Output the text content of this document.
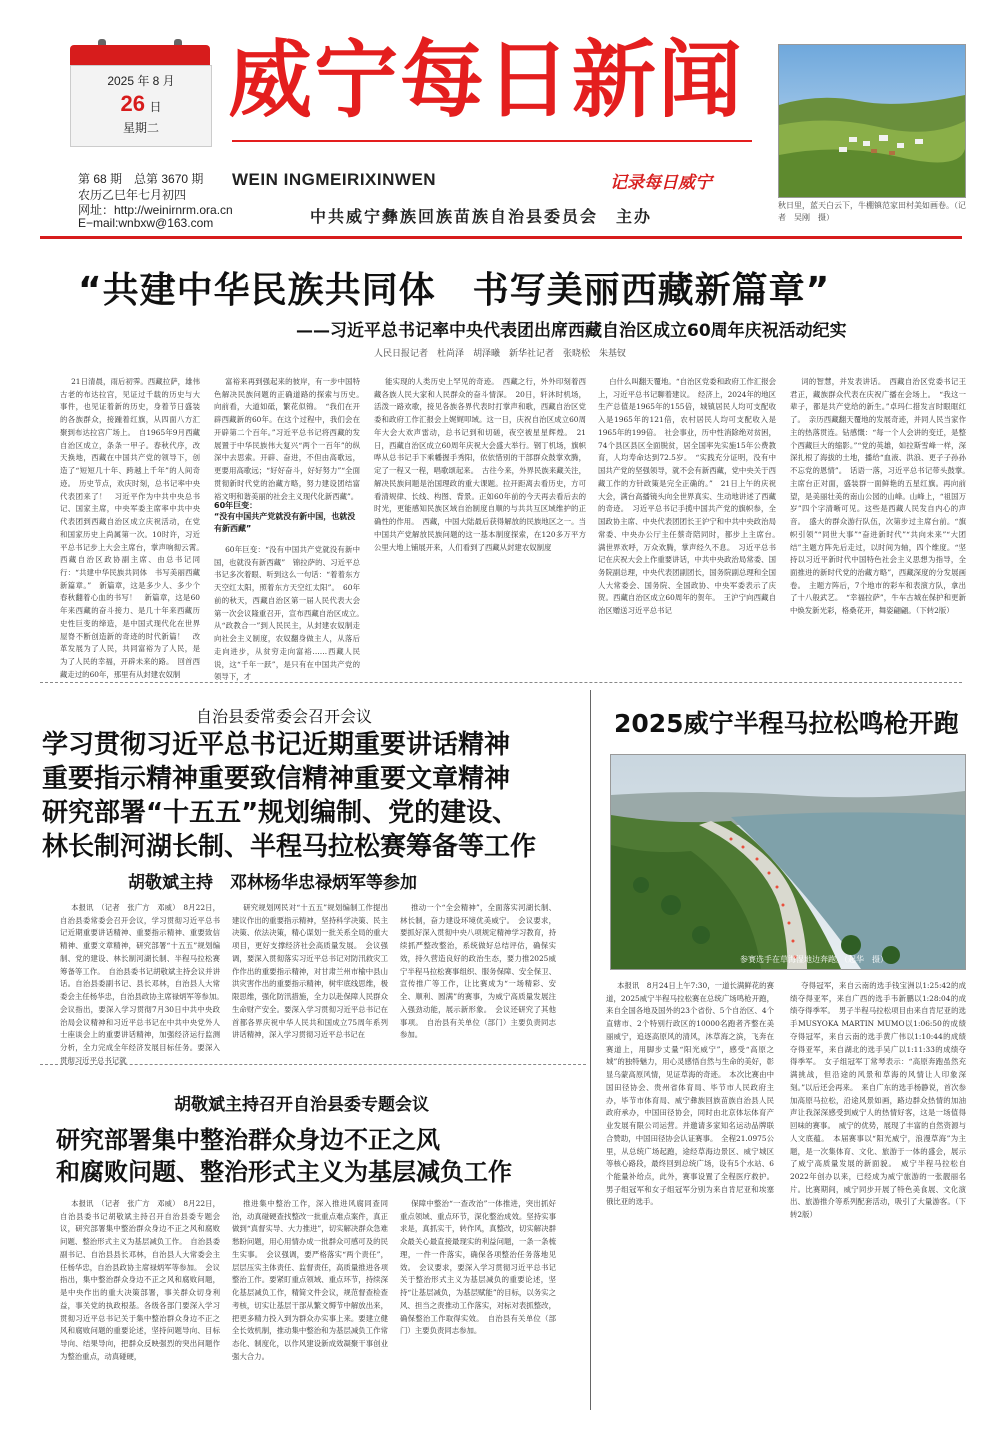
2025 年 8 月
26 日
星期二
第 68 期　总第 3670 期
农历乙巳年七月初四
网址：http://weinirnrm.ora.cn
E−mail:wnbxw@163.com
威宁每日新闻
WEIN INGMEIRIXINWEN	记录每日威宁
中共威宁彝族回族苗族自治县委员会　主办
秋日里，蓝天白云下，牛棚镇范家田村美如画卷。（记者　吴刚　摄）
“共建中华民族共同体　书写美丽西藏新篇章”
——习近平总书记率中央代表团出席西藏自治区成立60周年庆祝活动纪实
人民日报记者　杜尚泽　胡泽曦　新华社记者　张晓松　朱基钗

21日清晨，雨后初霁。西藏拉萨，雄伟古老的布达拉宫，见证过千载的历史与大事件，也见证着新的历史，身着节日盛装的各族群众，接踵着红旗，从四面八方汇聚到布达拉宫广场上。　自1965年9月西藏自治区成立，条条一甲子。春秋代序，改天换地，西藏在中国共产党的领导下，创造了“短短几十年、跨越上千年”的人间奇迹。　历史节点，欢庆时刻，总书记率中央代表团来了！　习近平作为中共中央总书记、国家主席，中央军委主席率中共中央代表团到西藏自治区成立庆祝活动，在党和国家历史上尚属第一次。10时许，习近平总书记步上大会主席台，掌声响彻云霄。　西藏自治区政协副主席、由总书记同行：“共建中华民族共同体　书写美丽西藏新篇章。”　新篇章，这是多少人、多少个春秋翻着心血的书写！　新篇章，这是60年来西藏的奋斗接力、是几十年来西藏历史性巨变的缔造，是中国式现代化在世界屋脊不断创造新的奇迹的时代新篇！　改革发展为了人民，共同富裕为了人民，是为了人民的幸福，开辟未来的路。　回首西藏走过的60年，那里有从封建农奴制

富裕来再到强起来的彼岸，有一步中国特色解决民族问题的正确道路的探索与历史。　向前看，大道如砥，繁花似锦。　“我们在开辟西藏新的60年。在这个过程中，我们会在开辟第二个百年。”习近平总书记将西藏的发展置于中华民族伟大复兴“两个一百年”的纵深中去思索。开辟、奋进，不但由高歌远，更要用高歌远；“好好奋斗，好好努力”“全面贯彻新时代党的治藏方略，努力建设团结富裕文明和谐美丽的社会主义现代化新西藏”。

60年巨变：
“没有中国共产党就没有新中国，也就没有新西藏”

60年巨变：“没有中国共产党就没有新中国，也就没有新西藏”　锦拉萨的、习近平总书记多次着眼、听到这么一句话：“着着东方天空红太阳，照着东方天空红太阳”。　60年前的秋天，西藏自治区第一届人民代表大会第一次会议隆重召开，宣布西藏自治区成立。　从“政教合一”到人民民主，从封建农奴制走向社会主义制度，农奴翻身做主人，从落后走向进步，从贫穷走向富裕……西藏人民说，这“千年一跃”，是只有在中国共产党的领导下，才

能实现的人类历史上罕见的奇迹。　西藏之行，外外印刻着西藏各族人民大家和人民群众的奋斗情深。　20日，轩沐时机场，活泼一路欢歌，接见各族各界代表时打掌声和歌，西藏自治区党委和政府工作汇报会上娓娓叩域。这一日，庆祝自治区成立60周年大会大欢声雷动，总书记到和切磋，夜空被星星辉煌。　21日，西藏自治区成立60周年庆祝大会盛大举行。钢丁机场，旗帜哗从总书记手下乘幡握手秀阳，依依惜别的干部群众鼓掌欢腾，定了一程又一程，唱歌颂起来。　古往今来，外界民族来藏关注，解决民族问题是治国理政的重大课题。拉开距离去看历史，方可看清规律、长线、构图、背景。正如60年前的今天再去看后去的时光，更能感知民族区域自治制度自顺的与共共互区域维护的正确性的作用。　西藏，中国大陆最后获得解放的民族地区之一。当中国共产党解放民族问题的这一基本制度探索，在120多万平方公里大地上铺展开来，人们看到了西藏从封建农奴制度

白什么叫翻天覆地。“自治区党委和政府工作汇报会上，习近平总书记聊着建议。　经济上，2024年的地区生产总值是1965年的155倍，城镇居民人均可支配收入是1965年的121倍，农村居民人均可支配收入是1965年的199倍。　社会事业，历中性消除绝对贫困，74个县区县区全面脱贫，居全国率先实施15年公费教育，人均寿命达到72.5岁。　“实践充分证明，没有中国共产党的坚强领导，就不会有新西藏，党中央关于西藏工作的方针政策是完全正确的。”　21日上午的庆祝大会，满台高播镜头向全世界真实、生动地讲述了西藏的奇迹。　习近平总书记手揽中国共产党的旗帜参，全国政协主席、中央代表团团长王沪宁和中共中央政治局常委、中央办公厅主任蔡奇陪同时，都步上主席台。　满世界欢呼，万众欢腾，掌声经久不息。　习近平总书记在庆祝大会上作重要讲话，中共中央政治局常委、国务院副总理，中央代表团副团长，国务院副总理和全国人大常委会、国务院、全国政协、中央军委表示了庆贺。西藏自治区成立60周年的贺年。　王沪宁向西藏自治区赠送习近平总书记

词的智慧，并发表讲话。　西藏自治区党委书记王君正，藏族群众代表在庆祝广播在会场上。　“我这一辈子，都是共产党给的新生。”卓玛仁措发言时眼眶红了。　亲历西藏翻天覆地的发展奇迹，并同人民当家作主的热落贯连。钻感慨：“每一个人会讲的变迁，是整个西藏巨大的缩影。”“党的英雄，如拉斯雪峰一样，深深扎根了海拔的土地，播给“血液、洪浪、更子子孙孙不忘党的恩情”。　话语一落，习近平总书记带头鼓掌。　主席台正对面，盛装群一面鲜艳的五星红旗。再向前望，是美丽壮美的南山公园的山峰。山峰上，“祖国万岁”四个字清晰可见。这些是西藏人民发自内心的声音。　盛大的群众游行队伍，次第步过主席台前。“旗帜引领”“同世大事”“奋进新时代”“共向未来”“大团结”主题方阵先后走过，以时间为轴，四个维度。“坚持以习近平新时代中国特色社会主义思想为指导，全面推进的新时代党的治藏方略”，西藏深度的分发展画卷。　主题方阵后，7个地市的彩车和表演方队，拿出了十八般武艺。　“幸福拉萨”，牛车古城在保护和更新中焕发新光彩，格桑花开，舞姿翩翩。（下转2版）

自治县委常委会召开会议
学习贯彻习近平总书记近期重要讲话精神
重要指示精神重要致信精神重要文章精神
研究部署“十五五”规划编制、党的建设、
林长制河湖长制、半程马拉松赛筹备等工作
胡敬斌主持　邓林杨华忠禄炳军等参加

本报讯　（记者　张广方　邓威）　8月22日，自治县委常委会召开会议，学习贯彻习近平总书记近期重要讲话精神、重要指示精神、重要致信精神、重要文章精神，研究部署“十五五”规划编制、党的建设、林长制河湖长制、半程马拉松赛筹备等工作。　自治县委书记胡敬斌主持会议并讲话。自治县委副书记、县长邓林，自治县人大常委会主任杨华忠，自治县政协主席禄炳军等参加。　会议指出，要深入学习贯彻7月30日中共中央政治局会议精神和习近平总书记在中共中央党外人士座谈会上的重要讲话精神，加强经济运行监测分析，全力完成全年经济发展目标任务。要深入贯彻习近平总书记就

研究规划网民对“十五五”规划编制工作提出建议作出的重要指示精神，坚持科学决策、民主决策、依法决策，精心谋划一批关系全局的重大项目，更好支撑经济社会高质量发展。　会议强调，要深入贯彻落实习近平总书记对防汛救灾工作作出的重要指示精神，对甘肃兰州市榆中县山洪灾害作出的重要指示精神，树牢底线思维，极限思维，强化防汛措施，全力以赴保障人民群众生命财产安全。要深入学习贯彻习近平总书记在首都各界庆祝中华人民共和国成立75周年系列讲话精神，深入学习贯彻习近平总书记在

推动一个“全会精神”，全面落实河湖长制、林长制，奋力建设环境优美威宁。　会议要求，要抓好深入贯彻中央八项规定精神学习教育，持续抓严整改整治，系统做好总结评估，确保实效，持久营造良好的政治生态，要力推2025威宁半程马拉松赛事组织、服务保障、安全保卫、宣传推广等工作，让比赛成为“一场精彩、安全、顺利、圆满”的赛事，为威宁高质量发展注入强劲动能，展示新形象。　会议还研究了其他事项。　自治县有关单位（部门）主要负责同志参加。

2025威宁半程马拉松鸣枪开跑
参赛选手在草海湿地边奔跑。（起华　摄）

本报讯　8月24日上午7:30，一道长满鲜花的赛道，2025威宁半程马拉松赛在总统广场鸣枪开跑，来自全国各地及国外的23个省份、5个自治区、4个直辖市、2个特别行政区的10000名跑者齐整在美丽威宁，追逐高原风的清风，沐草海之滨，飞奔在赛道上，用脚步丈量“阳光威宁”，感受“高原之城”的独特魅力，用心灵感悟自然与生命的美好，彰显乌蒙高原风情，见证草海的奇迹。　本次比赛由中国田径协会、贵州省体育局、毕节市人民政府主办，毕节市体育局、威宁彝族回族苗族自治县人民政府承办，中国田径协会，同时由北京体坛体育产业发展有限公司运营。并邀请多家知名运动品牌联合赞助，中国田径协会认证赛事。　全程21.0975公里，从总统广场起跑，途经草海边景区、威宁城区等核心路段，最终回到总统广场，设有5个水站、6个能量补给点，此外，赛事设置了全程医疗救护。男子组冠军和女子组冠军分别为来自肯尼亚和埃塞俄比亚的选手。

夺得冠军，来自云南的选手钱宝洲以1:25:42的成绩夺得亚军，来自广西的选手韦新鹏以1:28:04的成绩夺得季军。　男子半程马拉松项目由来自肯尼亚的选手MUSYOKA MARTIN MUMO以1:06:50的成绩夺得冠军，来自云南的选手黄广伟以1:10:44的成绩夺得亚军，来自湖北的选手吴广以1:11:33的成绩夺得季军。　女子组冠军丁常琴表示：“高原奔跑虽然充满挑战，但沿途的风景和草海的风情让人印象深刻。”以后还会再来。　来自广东的选手杨静说，首次参加高原马拉松，沿途风景如画，路边群众热情的加油声让我深深感受到威宁人的热情好客，这是一场值得回味的赛事。　威宁的优势，展现了丰富的自然资源与人文底蕴。　本届赛事以“阳光威宁，浪漫草海”为主题，是一次集体育、文化、旅游于一体的盛会，展示了威宁高质量发展的新面貌。　威宁半程马拉松自2022年创办以来，已经成为威宁旅游的一张靓丽名片。比赛期间，威宁同步开展了特色美食展、文化演出、旅游推介等系列配套活动，吸引了大量游客。（下转2版）

胡敬斌主持召开自治县委专题会议
研究部署集中整治群众身边不正之风
和腐败问题、整治形式主义为基层减负工作

本报讯　（记者　张广方　邓威）　8月22日，自治县委书记胡敬斌主持召开自治县委专题会议，研究部署集中整治群众身边不正之风和腐败问题、整治形式主义为基层减负工作。　自治县委副书记、自治县县长邓林，自治县人大常委会主任杨华忠，自治县政协主席禄炳军等参加。　会议指出，集中整治群众身边不正之风和腐败问题，是中央作出的重大决策部署，事关群众切身利益，事关党的执政根基。各级各部门要深入学习贯彻习近平总书记关于集中整治群众身边不正之风和腐败问题的重要论述，坚持问题导向、目标导向、结果导向，把群众反映强烈的突出问题作为整治重点，动真碰硬，

推进集中整治工作，深入推进风腐同查同治，动真碰硬查找整改一批重点难点案件，真正做到“真督实导、大力推进”，切实解决群众急难愁盼问题，用心用情办成一批群众可感可及的民生实事。　会议强调，要严格落实“两个责任”，层层压实主体责任、监督责任，高质量推进各项整治工作。要紧盯重点领域、重点环节，持续深化基层减负工作，精简文件会议，规范督查检查考核，切实让基层干部从繁文缛节中解放出来，把更多精力投入到为群众办实事上来。要建立健全长效机制，推动集中整治和为基层减负工作常态化、制度化，以作风建设新成效凝聚干事创业强大合力。

保障中整治“一查改治”一体推进，突出抓好重点领域、重点环节，深化整治成效。坚持实事求是，真抓实干，转作风，真整改，切实解决群众最关心最直接最现实的利益问题，一条一条梳理，一件一件落实，确保各项整治任务落地见效。　会议要求，要深入学习贯彻习近平总书记关于整治形式主义为基层减负的重要论述，坚持“让基层减负，为基层赋能”的目标，以务实之风、担当之责推动工作落实，对标对表抓整改，确保整治工作取得实效。　自治县有关单位（部门）主要负责同志参加。
